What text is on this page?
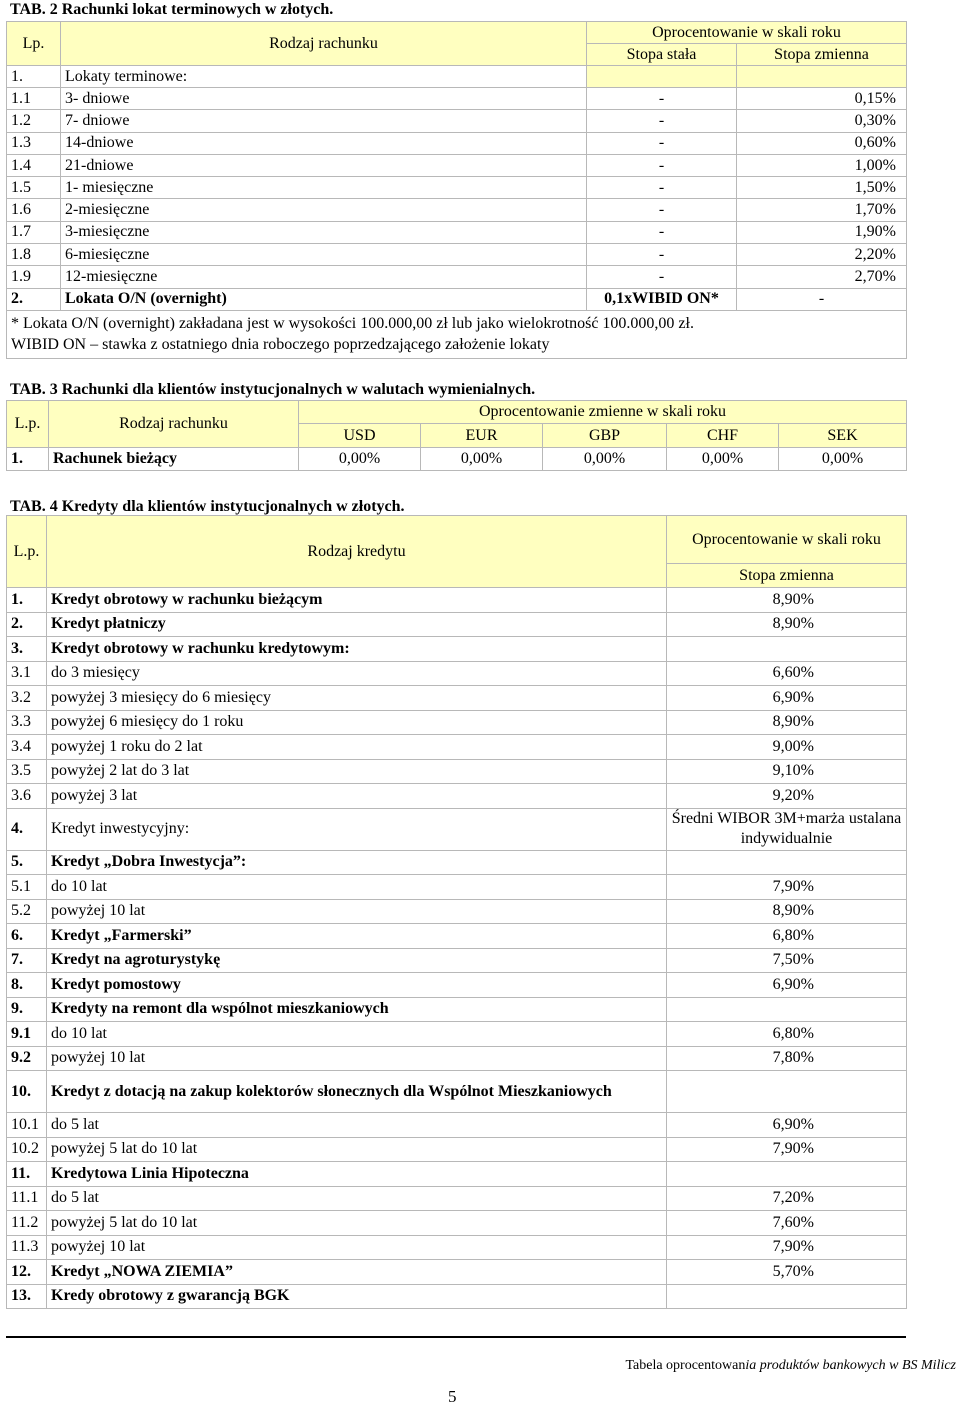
TAB. 2 Rachunki lokat terminowych w złotych.
Lp.	Rodzaj rachunku	Oprocentowanie w skali roku	
		Stopa stała	Stopa zmienna
1.	Lokaty terminowe:		
1.1	3- dniowe	-	0,15%
1.2	7- dniowe	-	0,30%
1.3	14-dniowe	-	0,60%
1.4	21-dniowe	-	1,00%
1.5	1- miesięczne	-	1,50%
1.6	2-miesięczne	-	1,70%
1.7	3-miesięczne	-	1,90%
1.8	6-miesięczne	-	2,20%
1.9	12-miesięczne	-	2,70%
2.	Lokata O/N (overnight)	0,1xWIBID ON*	-

* Lokata O/N (overnight) zakładana jest w wysokości 100.000,00 zł lub jako wielokrotność 100.000,00 zł.
WIBID ON – stawka z ostatniego dnia roboczego poprzedzającego założenie lokaty			
TAB. 3 Rachunki dla klientów instytucjonalnych w walutach wymienialnych.
L.p.	Rodzaj rachunku	Oprocentowanie zmienne w skali roku				
		USD	EUR	GBP	CHF	SEK
1.	Rachunek bieżący	0,00%	0,00%	0,00%	0,00%	0,00%
TAB. 4 Kredyty dla klientów instytucjonalnych w złotych.
L.p.	Rodzaj kredytu	Oprocentowanie w skali roku
		Stopa zmienna
1.	Kredyt obrotowy w rachunku bieżącym	8,90%
2.	Kredyt płatniczy	8,90%
3.	Kredyt obrotowy w rachunku kredytowym:	
3.1	do 3 miesięcy	6,60%
3.2	powyżej 3 miesięcy do 6 miesięcy	6,90%
3.3	powyżej 6 miesięcy do 1 roku	8,90%
3.4	powyżej 1 roku do 2 lat	9,00%
3.5	powyżej 2 lat do 3 lat	9,10%
3.6	powyżej 3 lat	9,20%
4.	Kredyt inwestycyjny:	Średni WIBOR 3M+marża ustalana indywidualnie
5.	Kredyt „Dobra Inwestycja”:	
5.1	do 10 lat	7,90%
5.2	powyżej 10 lat	8,90%
6.	Kredyt „Farmerski”	6,80%
7.	Kredyt na agroturystykę	7,50%
8.	Kredyt pomostowy	6,90%
9.	Kredyty na remont dla wspólnot mieszkaniowych	
9.1	do 10 lat	6,80%
9.2	powyżej 10 lat	7,80%
10.	Kredyt z dotacją na zakup kolektorów słonecznych dla Wspólnot Mieszkaniowych	
10.1	do 5 lat	6,90%
10.2	powyżej 5 lat do 10 lat	7,90%
11.	Kredytowa Linia Hipoteczna	
11.1	do 5 lat	7,20%
11.2	powyżej 5 lat do 10 lat	7,60%
11.3	powyżej 10 lat	7,90%
12.	Kredyt „NOWA ZIEMIA”	5,70%
13.	Kredy obrotowy z gwarancją BGK	
Tabela oprocentowania produktów bankowych w BS Milicz
5
